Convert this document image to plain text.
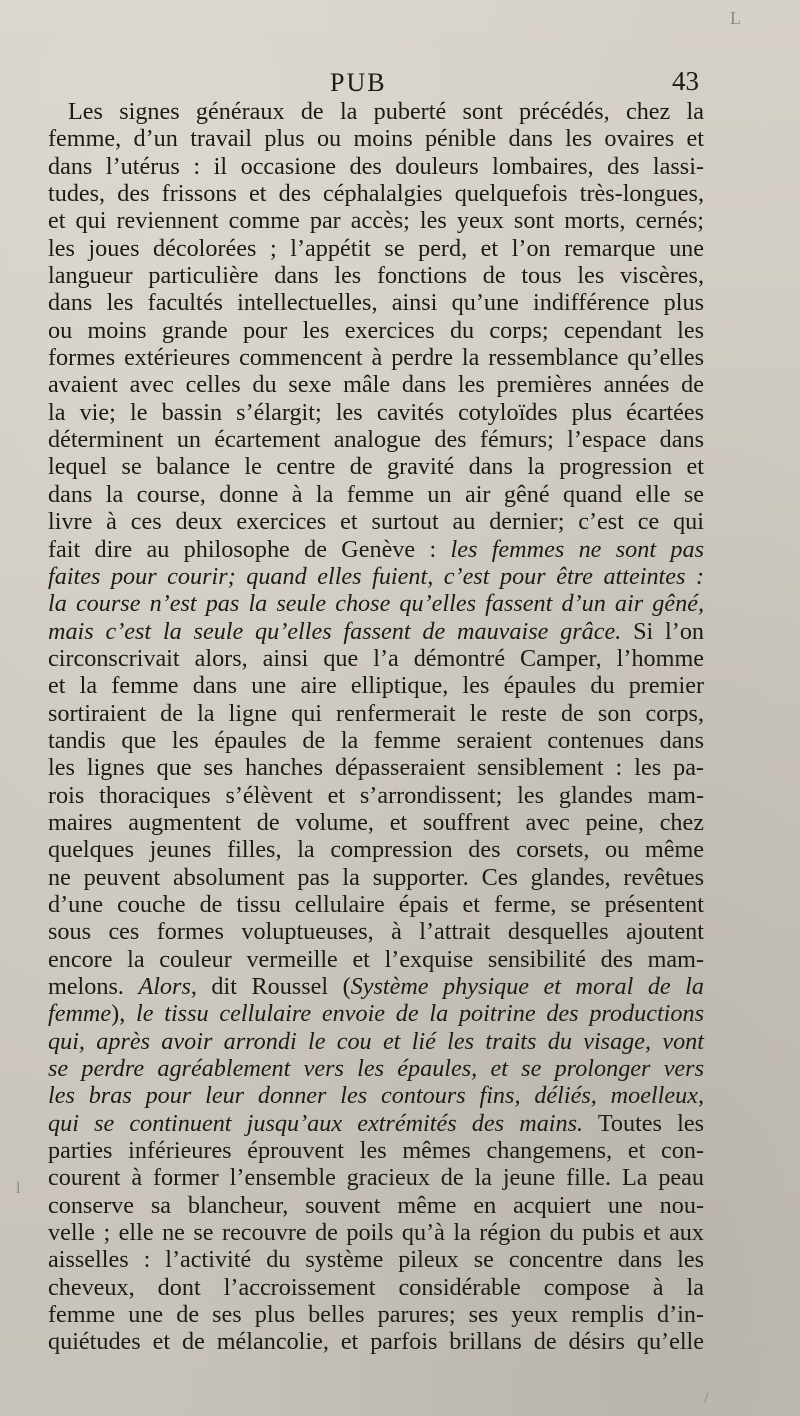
L
l
/
PUB	43
Les signes généraux de la puberté sont précédés, chez la
femme, d’un travail plus ou moins pénible dans les ovaires et
dans l’utérus : il occasione des douleurs lombaires, des lassi-
tudes, des frissons et des céphalalgies quelquefois très-longues,
et qui reviennent comme par accès; les yeux sont morts, cernés;
les joues décolorées ; l’appétit se perd, et l’on remarque une
langueur particulière dans les fonctions de tous les viscères,
dans les facultés intellectuelles, ainsi qu’une indifférence plus
ou moins grande pour les exercices du corps; cependant les
formes extérieures commencent à perdre la ressemblance qu’elles
avaient avec celles du sexe mâle dans les premières années de
la vie; le bassin s’élargit; les cavités cotyloïdes plus écartées
déterminent un écartement analogue des fémurs; l’espace dans
lequel se balance le centre de gravité dans la progression et
dans la course, donne à la femme un air gêné quand elle se
livre à ces deux exercices et surtout au dernier; c’est ce qui
fait dire au philosophe de Genève : les femmes ne sont pas
faites pour courir; quand elles fuient, c’est pour être atteintes :
la course n’est pas la seule chose qu’elles fassent d’un air gêné,
mais c’est la seule qu’elles fassent de mauvaise grâce. Si l’on
circonscrivait alors, ainsi que l’a démontré Camper, l’homme
et la femme dans une aire elliptique, les épaules du premier
sortiraient de la ligne qui renfermerait le reste de son corps,
tandis que les épaules de la femme seraient contenues dans
les lignes que ses hanches dépasseraient sensiblement : les pa-
rois thoraciques s’élèvent et s’arrondissent; les glandes mam-
maires augmentent de volume, et souffrent avec peine, chez
quelques jeunes filles, la compression des corsets, ou même
ne peuvent absolument pas la supporter. Ces glandes, revêtues
d’une couche de tissu cellulaire épais et ferme, se présentent
sous ces formes voluptueuses, à l’attrait desquelles ajoutent
encore la couleur vermeille et l’exquise sensibilité des mam-
melons. Alors, dit Roussel (Système physique et moral de la
femme), le tissu cellulaire envoie de la poitrine des productions
qui, après avoir arrondi le cou et lié les traits du visage, vont
se perdre agréablement vers les épaules, et se prolonger vers
les bras pour leur donner les contours fins, déliés, moelleux,
qui se continuent jusqu’aux extrémités des mains. Toutes les
parties inférieures éprouvent les mêmes changemens, et con-
courent à former l’ensemble gracieux de la jeune fille. La peau
conserve sa blancheur, souvent même en acquiert une nou-
velle ; elle ne se recouvre de poils qu’à la région du pubis et aux
aisselles : l’activité du système pileux se concentre dans les
cheveux, dont l’accroissement considérable compose à la
femme une de ses plus belles parures; ses yeux remplis d’in-
quiétudes et de mélancolie, et parfois brillans de désirs qu’elle
